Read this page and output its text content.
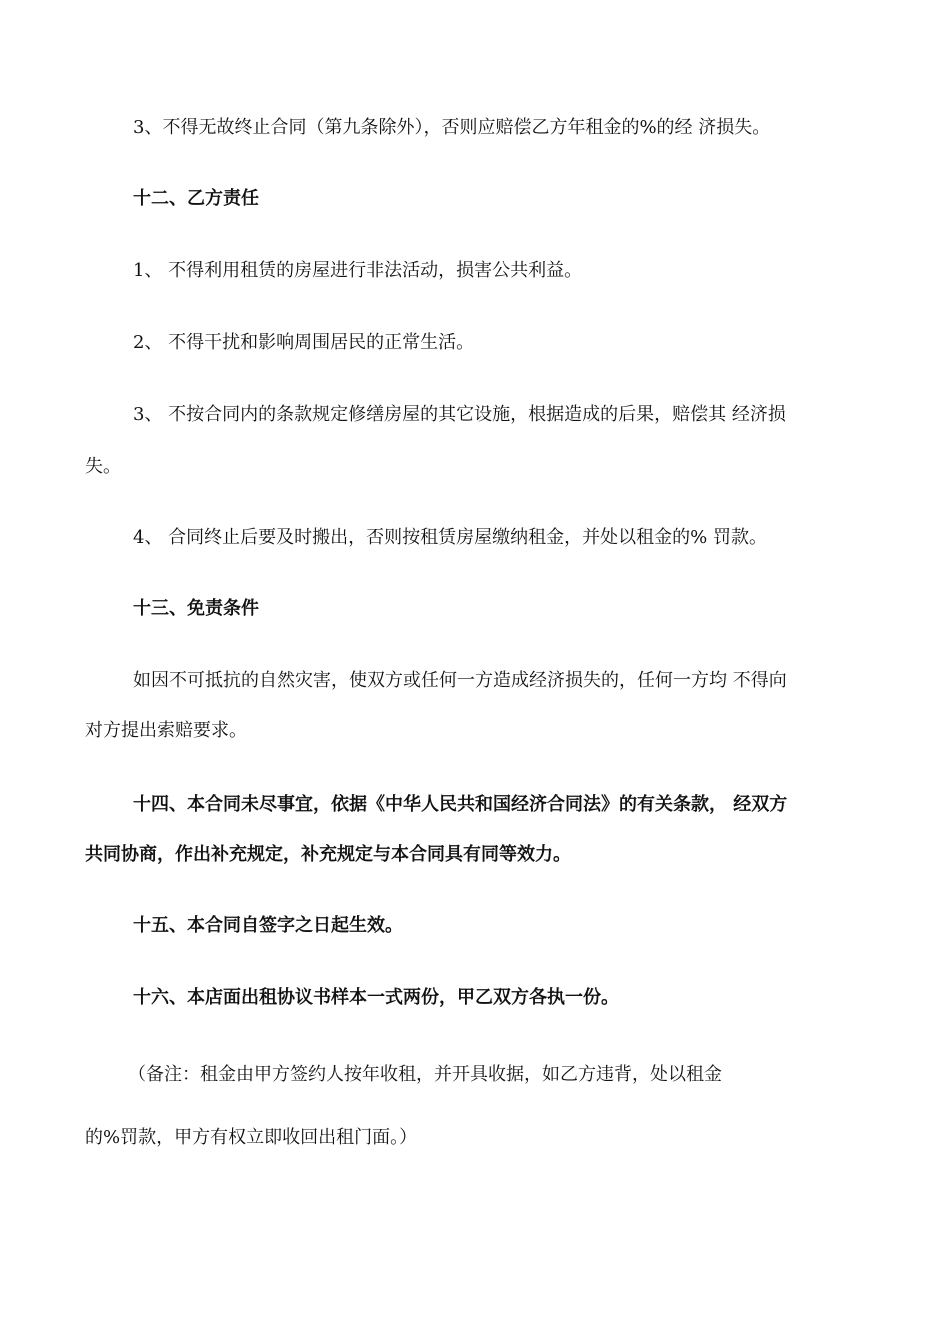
3、不得无故终止合同（第九条除外），否则应赔偿乙方年租金的%的经 济损失。
十二、乙方责任
1、 不得利用租赁的房屋进行非法活动，损害公共利益。
2、 不得干扰和影响周围居民的正常生活。
3、 不按合同内的条款规定修缮房屋的其它设施，根据造成的后果，赔偿其 经济损
失。
4、 合同终止后要及时搬出，否则按租赁房屋缴纳租金，并处以租金的% 罚款。
十三、免责条件
如因不可抵抗的自然灾害，使双方或任何一方造成经济损失的，任何一方均 不得向
对方提出索赔要求。
十四、本合同未尽事宜，依据《中华人民共和国经济合同法》的有关条款， 经双方
共同协商，作出补充规定，补充规定与本合同具有同等效力。
十五、本合同自签字之日起生效。
十六、本店面出租协议书样本一式两份，甲乙双方各执一份。
（备注：租金由甲方签约人按年收租，并开具收据，如乙方违背，处以租金
的%罚款，甲方有权立即收回出租门面。）
